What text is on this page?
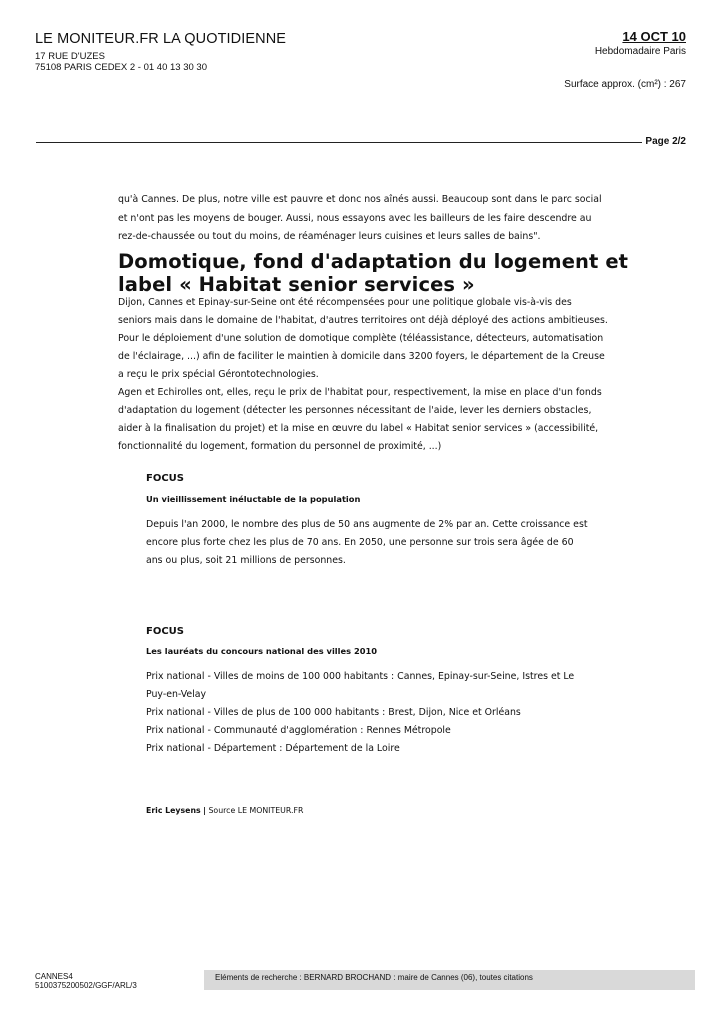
LE MONITEUR.FR LA QUOTIDIENNE
17 RUE D'UZES
75108 PARIS CEDEX 2 - 01 40 13 30 30
14 OCT 10
Hebdomadaire Paris
Surface approx. (cm²) : 267
Page 2/2
qu'à Cannes. De plus, notre ville est pauvre et donc nos aînés aussi. Beaucoup sont dans le parc social
et n'ont pas les moyens de bouger. Aussi, nous essayons avec les bailleurs de les faire descendre au
rez-de-chaussée ou tout du moins, de réaménager leurs cuisines et leurs salles de bains".
Domotique, fond d'adaptation du logement et
label « Habitat senior services »
Dijon, Cannes et Epinay-sur-Seine ont été récompensées pour une politique globale vis-à-vis des
seniors mais dans le domaine de l'habitat, d'autres territoires ont déjà déployé des actions ambitieuses.
Pour le déploiement d'une solution de domotique complète (téléassistance, détecteurs, automatisation
de l'éclairage, ...) afin de faciliter le maintien à domicile dans 3200 foyers, le département de la Creuse
a reçu le prix spécial Gérontotechnologies.
Agen et Echirolles ont, elles, reçu le prix de l'habitat pour, respectivement, la mise en place d'un fonds
d'adaptation du logement (détecter les personnes nécessitant de l'aide, lever les derniers obstacles,
aider à la finalisation du projet) et la mise en œuvre du label « Habitat senior services » (accessibilité,
fonctionnalité du logement, formation du personnel de proximité, ...)
FOCUS
Un vieillissement inéluctable de la population
Depuis l'an 2000, le nombre des plus de 50 ans augmente de 2% par an. Cette croissance est
encore plus forte chez les plus de 70 ans. En 2050, une personne sur trois sera âgée de 60
ans ou plus, soit 21 millions de personnes.
FOCUS
Les lauréats du concours national des villes 2010
Prix national - Villes de moins de 100 000 habitants : Cannes, Epinay-sur-Seine, Istres et Le
Puy-en-Velay
Prix national - Villes de plus de 100 000 habitants : Brest, Dijon, Nice et Orléans
Prix national - Communauté d'agglomération : Rennes Métropole
Prix national - Département : Département de la Loire
Eric Leysens | Source LE MONITEUR.FR
CANNES4
5100375200502/GGF/ARL/3
Eléments de recherche : BERNARD BROCHAND : maire de Cannes (06), toutes citations
